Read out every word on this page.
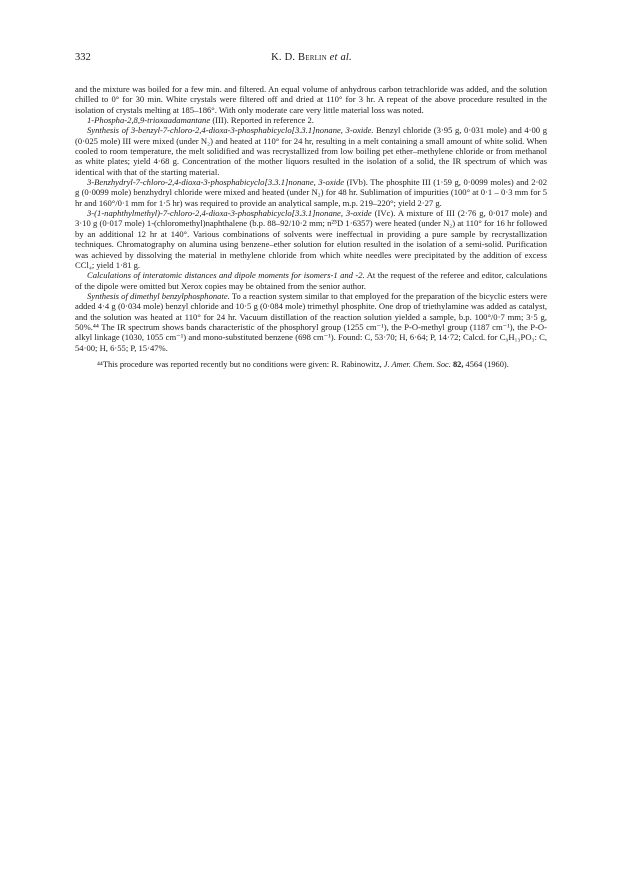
332	K. D. Berlin et al.

and the mixture was boiled for a few min. and filtered. An equal volume of anhydrous carbon tetrachloride was added, and the solution chilled to 0° for 30 min. White crystals were filtered off and dried at 110° for 3 hr. A repeat of the above procedure resulted in the isolation of crystals melting at 185–186°. With only moderate care very little material loss was noted.

1-Phospha-2,8,9-trioxaadamantane (III). Reported in reference 2.

Synthesis of 3-benzyl-7-chloro-2,4-dioxa-3-phosphabicyclo[3.3.1]nonane, 3-oxide. Benzyl chloride (3·95 g, 0·031 mole) and 4·00 g (0·025 mole) III were mixed (under N₂) and heated at 110° for 24 hr, resulting in a melt containing a small amount of white solid. When cooled to room temperature, the melt solidified and was recrystallized from low boiling pet ether–methylene chloride or from methanol as white plates; yield 4·68 g. Concentration of the mother liquors resulted in the isolation of a solid, the IR spectrum of which was identical with that of the starting material.

3-Benzhydryl-7-chloro-2,4-dioxa-3-phosphabicyclo[3.3.1]nonane, 3-oxide (IVb). The phosphite III (1·59 g, 0·0099 moles) and 2·02 g (0·0099 mole) benzhydryl chloride were mixed and heated (under N₂) for 48 hr. Sublimation of impurities (100° at 0·1 – 0·3 mm for 5 hr and 160°/0·1 mm for 1·5 hr) was required to provide an analytical sample, m.p. 219–220°; yield 2·27 g.

3-(1-naphthylmethyl)-7-chloro-2,4-dioxa-3-phosphabicyclo[3.3.1]nonane, 3-oxide (IVc). A mixture of III (2·76 g, 0·017 mole) and 3·10 g (0·017 mole) 1-(chloromethyl)naphthalene (b.p. 88–92/10·2 mm; n²⁵D 1·6357) were heated (under N₂) at 110° for 16 hr followed by an additional 12 hr at 140°. Various combinations of solvents were ineffectual in providing a pure sample by recrystallization techniques. Chromatography on alumina using benzene–ether solution for elution resulted in the isolation of a semi-solid. Purification was achieved by dissolving the material in methylene chloride from which white needles were precipitated by the addition of excess CCl₄; yield 1·81 g.

Calculations of interatomic distances and dipole moments for isomers-1 and -2. At the request of the referee and editor, calculations of the dipole were omitted but Xerox copies may be obtained from the senior author.

Synthesis of dimethyl benzylphosphonate. To a reaction system similar to that employed for the preparation of the bicyclic esters were added 4·4 g (0·034 mole) benzyl chloride and 10·5 g (0·084 mole) trimethyl phosphite. One drop of triethylamine was added as catalyst, and the solution was heated at 110° for 24 hr. Vacuum distillation of the reaction solution yielded a sample, b.p. 100°/0·7 mm; 3·5 g, 50%.⁴⁴ The IR spectrum shows bands characteristic of the phosphoryl group (1255 cm⁻¹), the P-O-methyl group (1187 cm⁻¹), the P-O-alkyl linkage (1030, 1055 cm⁻¹) and mono-substituted benzene (698 cm⁻¹). Found: C, 53·70; H, 6·64; P, 14·72; Calcd. for C₉H₁₃PO₃: C, 54·00; H, 6·55; P, 15·47%.

⁴⁴This procedure was reported recently but no conditions were given: R. Rabinowitz, J. Amer. Chem. Soc. 82, 4564 (1960).
